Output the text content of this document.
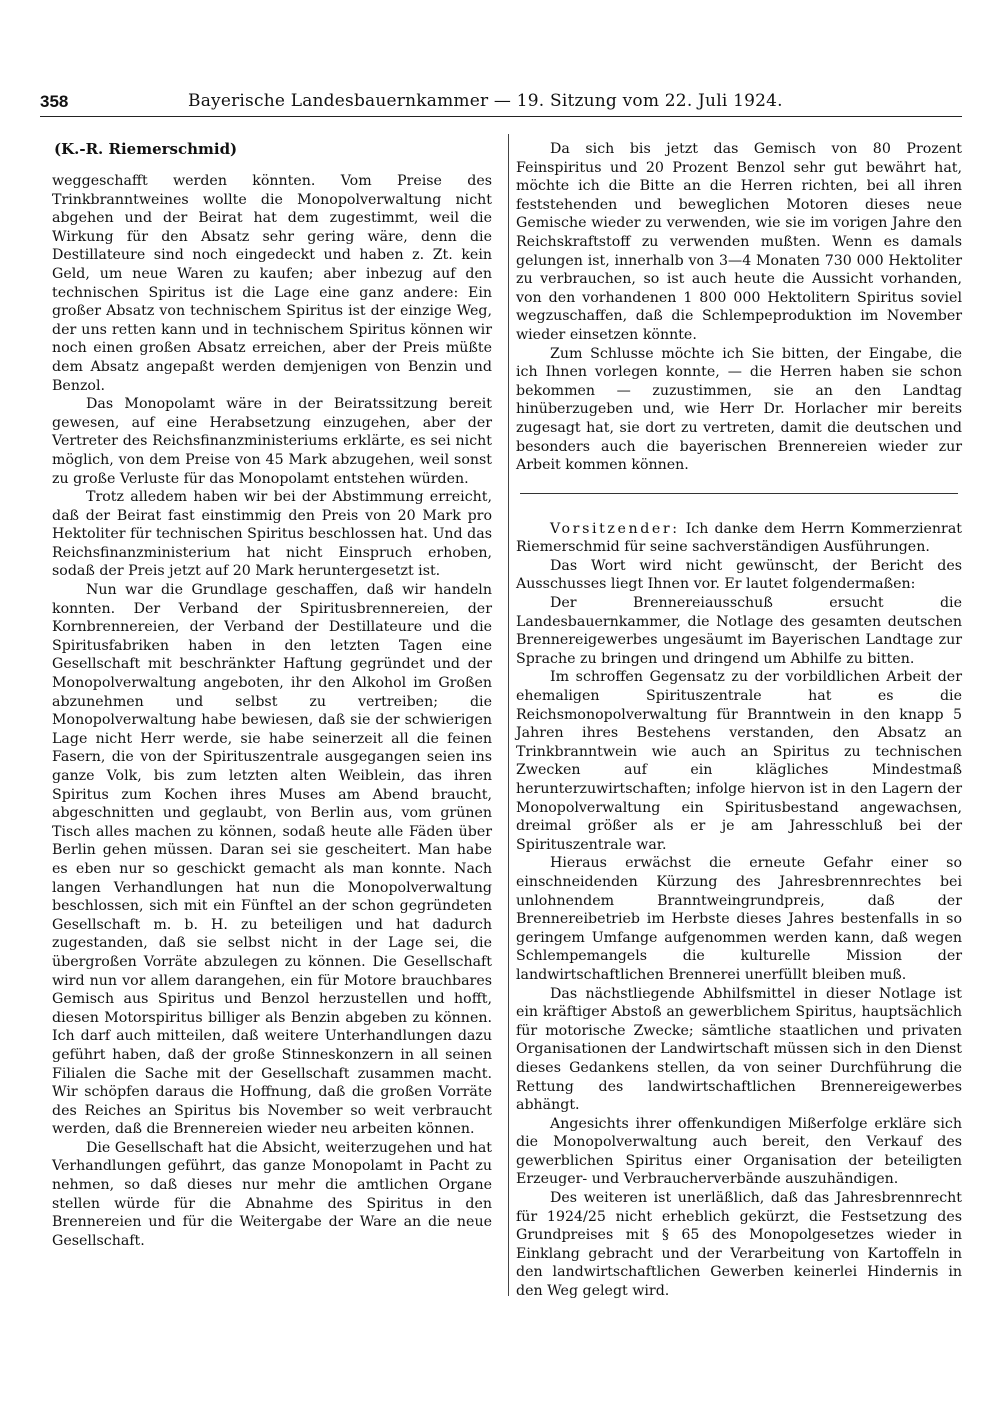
358	Bayerische Landesbauernkammer — 19. Sitzung vom 22. Juli 1924.
(K.-R. Riemerschmid)

weggeschafft werden könnten. Vom Preise des Trinkbranntweines wollte die Monopolverwaltung nicht abgehen und der Beirat hat dem zugestimmt, weil die Wirkung für den Absatz sehr gering wäre, denn die Destillateure sind noch eingedeckt und haben z. Zt. kein Geld, um neue Waren zu kaufen; aber inbezug auf den technischen Spiritus ist die Lage eine ganz andere: Ein großer Absatz von technischem Spiritus ist der einzige Weg, der uns retten kann und in technischem Spiritus können wir noch einen großen Absatz erreichen, aber der Preis müßte dem Absatz angepaßt werden demjenigen von Benzin und Benzol.

Das Monopolamt wäre in der Beiratssitzung bereit gewesen, auf eine Herabsetzung einzugehen, aber der Vertreter des Reichsfinanzministeriums erklärte, es sei nicht möglich, von dem Preise von 45 Mark abzugehen, weil sonst zu große Verluste für das Monopolamt entstehen würden.

Trotz alledem haben wir bei der Abstimmung erreicht, daß der Beirat fast einstimmig den Preis von 20 Mark pro Hektoliter für technischen Spiritus beschlossen hat. Und das Reichsfinanzministerium hat nicht Einspruch erhoben, sodaß der Preis jetzt auf 20 Mark heruntergesetzt ist.

Nun war die Grundlage geschaffen, daß wir handeln konnten. Der Verband der Spiritusbrennereien, der Kornbrennereien, der Verband der Destillateure und die Spiritusfabriken haben in den letzten Tagen eine Gesellschaft mit beschränkter Haftung gegründet und der Monopolverwaltung angeboten, ihr den Alkohol im Großen abzunehmen und selbst zu vertreiben; die Monopolverwaltung habe bewiesen, daß sie der schwierigen Lage nicht Herr werde, sie habe seinerzeit all die feinen Fasern, die von der Spirituszentrale ausgegangen seien ins ganze Volk, bis zum letzten alten Weiblein, das ihren Spiritus zum Kochen ihres Muses am Abend braucht, abgeschnitten und geglaubt, von Berlin aus, vom grünen Tisch alles machen zu können, sodaß heute alle Fäden über Berlin gehen müssen. Daran sei sie gescheitert. Man habe es eben nur so geschickt gemacht als man konnte. Nach langen Verhandlungen hat nun die Monopolverwaltung beschlossen, sich mit ein Fünftel an der schon gegründeten Gesellschaft m. b. H. zu beteiligen und hat dadurch zugestanden, daß sie selbst nicht in der Lage sei, die übergroßen Vorräte abzulegen zu können. Die Gesellschaft wird nun vor allem darangehen, ein für Motore brauchbares Gemisch aus Spiritus und Benzol herzustellen und hofft, diesen Motorspiritus billiger als Benzin abgeben zu können. Ich darf auch mitteilen, daß weitere Unterhandlungen dazu geführt haben, daß der große Stinneskonzern in all seinen Filialen die Sache mit der Gesellschaft zusammen macht. Wir schöpfen daraus die Hoffnung, daß die großen Vorräte des Reiches an Spiritus bis November so weit verbraucht werden, daß die Brennereien wieder neu arbeiten können.

Die Gesellschaft hat die Absicht, weiterzugehen und hat Verhandlungen geführt, das ganze Monopolamt in Pacht zu nehmen, so daß dieses nur mehr die amtlichen Organe stellen würde für die Abnahme des Spiritus in den Brennereien und für die Weitergabe der Ware an die neue Gesellschaft.

Da sich bis jetzt das Gemisch von 80 Prozent Feinspiritus und 20 Prozent Benzol sehr gut bewährt hat, möchte ich die Bitte an die Herren richten, bei all ihren feststehenden und beweglichen Motoren dieses neue Gemische wieder zu verwenden, wie sie im vorigen Jahre den Reichskraftstoff zu verwenden mußten. Wenn es damals gelungen ist, innerhalb von 3—4 Monaten 730 000 Hektoliter zu verbrauchen, so ist auch heute die Aussicht vorhanden, von den vorhandenen 1 800 000 Hektolitern Spiritus soviel wegzuschaffen, daß die Schlempeproduktion im November wieder einsetzen könnte.

Zum Schlusse möchte ich Sie bitten, der Eingabe, die ich Ihnen vorlegen konnte, — die Herren haben sie schon bekommen — zuzustimmen, sie an den Landtag hinüberzugeben und, wie Herr Dr. Horlacher mir bereits zugesagt hat, sie dort zu vertreten, damit die deutschen und besonders auch die bayerischen Brennereien wieder zur Arbeit kommen können.

Vorsitzender: Ich danke dem Herrn Kommerzienrat Riemerschmid für seine sachverständigen Ausführungen.

Das Wort wird nicht gewünscht, der Bericht des Ausschusses liegt Ihnen vor. Er lautet folgendermaßen:

Der Brennereiausschuß ersucht die Landesbauernkammer, die Notlage des gesamten deutschen Brennereigewerbes ungesäumt im Bayerischen Landtage zur Sprache zu bringen und dringend um Abhilfe zu bitten.

Im schroffen Gegensatz zu der vorbildlichen Arbeit der ehemaligen Spirituszentrale hat es die Reichsmonopolverwaltung für Branntwein in den knapp 5 Jahren ihres Bestehens verstanden, den Absatz an Trinkbranntwein wie auch an Spiritus zu technischen Zwecken auf ein klägliches Mindestmaß herunterzuwirtschaften; infolge hiervon ist in den Lagern der Monopolverwaltung ein Spiritusbestand angewachsen, dreimal größer als er je am Jahresschluß bei der Spirituszentrale war.

Hieraus erwächst die erneute Gefahr einer so einschneidenden Kürzung des Jahresbrennrechtes bei unlohnendem Branntweingrundpreis, daß der Brennereibetrieb im Herbste dieses Jahres bestenfalls in so geringem Umfange aufgenommen werden kann, daß wegen Schlempemangels die kulturelle Mission der landwirtschaftlichen Brennerei unerfüllt bleiben muß.

Das nächstliegende Abhilfsmittel in dieser Notlage ist ein kräftiger Abstoß an gewerblichem Spiritus, hauptsächlich für motorische Zwecke; sämtliche staatlichen und privaten Organisationen der Landwirtschaft müssen sich in den Dienst dieses Gedankens stellen, da von seiner Durchführung die Rettung des landwirtschaftlichen Brennereigewerbes abhängt.

Angesichts ihrer offenkundigen Mißerfolge erkläre sich die Monopolverwaltung auch bereit, den Verkauf des gewerblichen Spiritus einer Organisation der beteiligten Erzeuger- und Verbraucherverbände auszuhändigen.

Des weiteren ist unerläßlich, daß das Jahresbrennrecht für 1924/25 nicht erheblich gekürzt, die Festsetzung des Grundpreises mit § 65 des Monopolgesetzes wieder in Einklang gebracht und der Verarbeitung von Kartoffeln in den landwirtschaftlichen Gewerben keinerlei Hindernis in den Weg gelegt wird.
